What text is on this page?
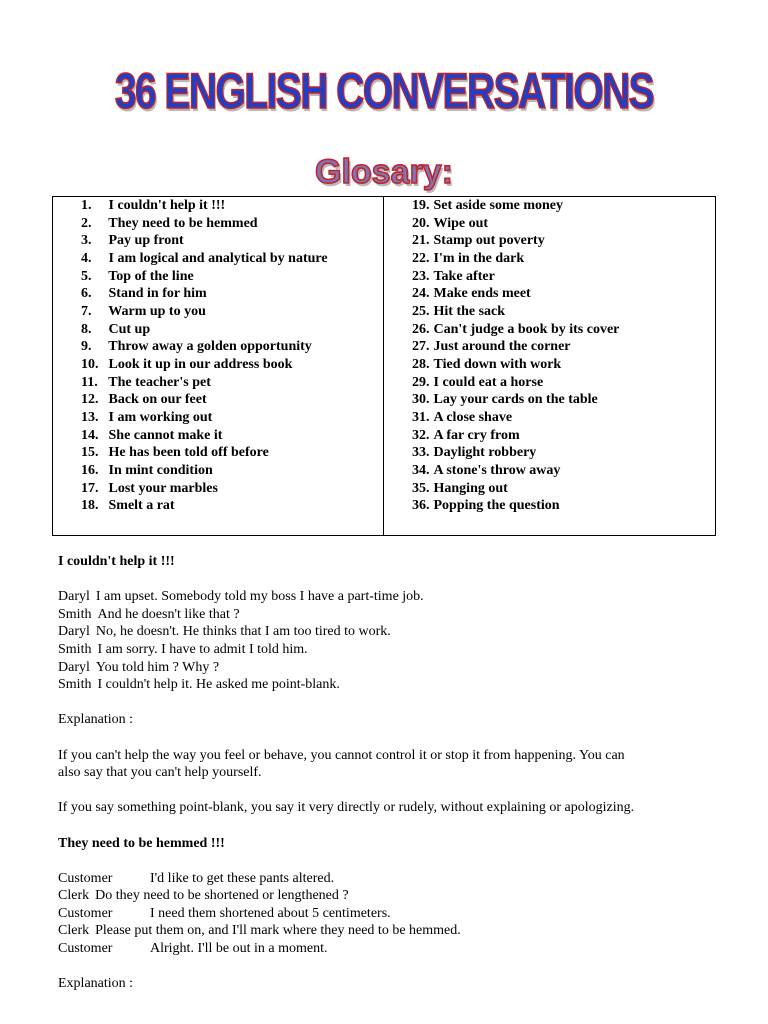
36 ENGLISH CONVERSATIONS
Glosary:
1. I couldn't help it !!!
2. They need to be hemmed
3. Pay up front
4. I am logical and analytical by nature
5. Top of the line
6. Stand in for him
7. Warm up to you
8. Cut up
9. Throw away a golden opportunity
10. Look it up in our address book
11. The teacher's pet
12. Back on our feet
13. I am working out
14. She cannot make it
15. He has been told off before
16. In mint condition
17. Lost your marbles
18. Smelt a rat
19. Set aside some money
20. Wipe out
21. Stamp out poverty
22. I'm in the dark
23. Take after
24. Make ends meet
25. Hit the sack
26. Can't judge a book by its cover
27. Just around the corner
28. Tied down with work
29. I could eat a horse
30. Lay your cards on the table
31. A close shave
32. A far cry from
33. Daylight robbery
34. A stone's throw away
35. Hanging out
36. Popping the question

I couldn't help it !!!

Daryl I am upset. Somebody told my boss I have a part-time job.

Smith And he doesn't like that ?

Daryl No, he doesn't. He thinks that I am too tired to work.

Smith I am sorry. I have to admit I told him.

Daryl You told him ? Why ?

Smith I couldn't help it. He asked me point-blank.

Explanation :

If you can't help the way you feel or behave, you cannot control it or stop it from happening. You can

also say that you can't help yourself.

If you say something point-blank, you say it very directly or rudely, without explaining or apologizing.

They need to be hemmed !!!

Customer	I'd like to get these pants altered.

Clerk Do they need to be shortened or lengthened ?

Customer	I need them shortened about 5 centimeters.

Clerk Please put them on, and I'll mark where they need to be hemmed.

Customer	Alright. I'll be out in a moment.

Explanation :
